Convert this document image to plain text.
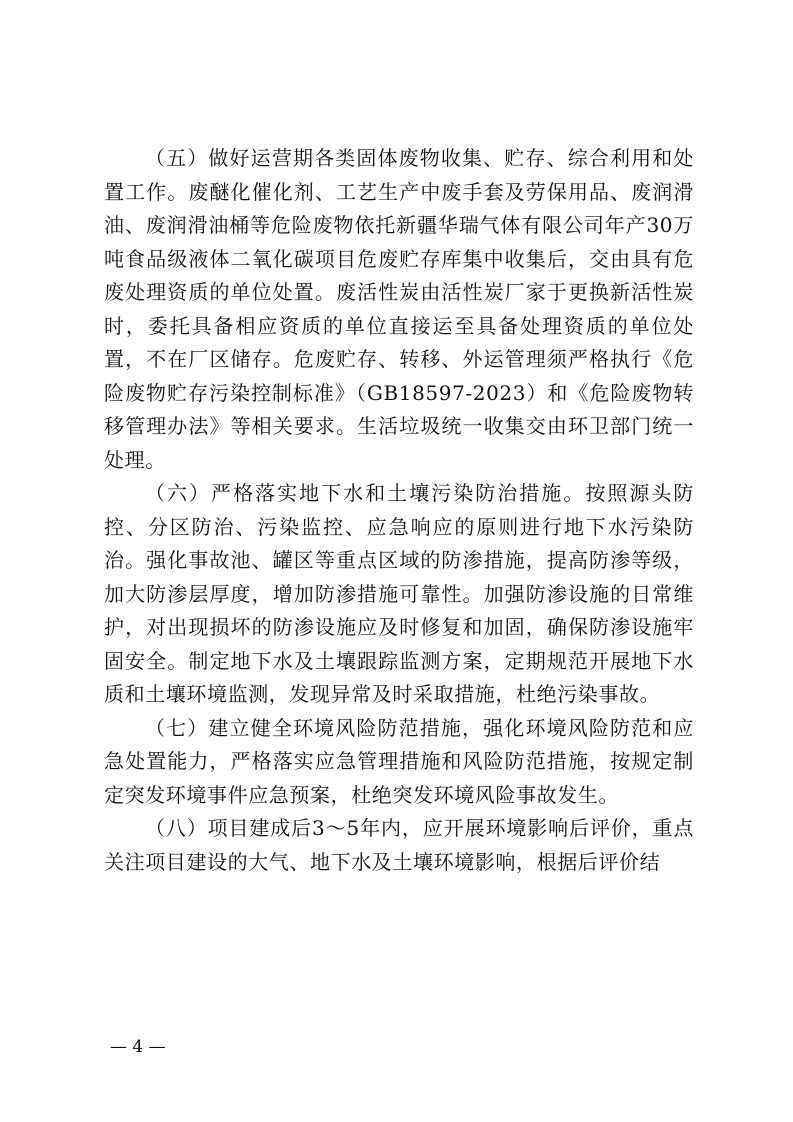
（五）做好运营期各类固体废物收集、贮存、综合利用和处置工作。废醚化催化剂、工艺生产中废手套及劳保用品、废润滑油、废润滑油桶等危险废物依托新疆华瑞气体有限公司年产30万吨食品级液体二氧化碳项目危废贮存库集中收集后，交由具有危废处理资质的单位处置。废活性炭由活性炭厂家于更换新活性炭时，委托具备相应资质的单位直接运至具备处理资质的单位处置，不在厂区储存。危废贮存、转移、外运管理须严格执行《危险废物贮存污染控制标准》（GB18597-2023）和《危险废物转移管理办法》等相关要求。生活垃圾统一收集交由环卫部门统一处理。

（六）严格落实地下水和土壤污染防治措施。按照源头防控、分区防治、污染监控、应急响应的原则进行地下水污染防治。强化事故池、罐区等重点区域的防渗措施，提高防渗等级，加大防渗层厚度，增加防渗措施可靠性。加强防渗设施的日常维护，对出现损坏的防渗设施应及时修复和加固，确保防渗设施牢固安全。制定地下水及土壤跟踪监测方案，定期规范开展地下水质和土壤环境监测，发现异常及时采取措施，杜绝污染事故。

（七）建立健全环境风险防范措施，强化环境风险防范和应急处置能力，严格落实应急管理措施和风险防范措施，按规定制定突发环境事件应急预案，杜绝突发环境风险事故发生。

（八）项目建成后3～5年内，应开展环境影响后评价，重点关注项目建设的大气、地下水及土壤环境影响，根据后评价结

— 4 —
